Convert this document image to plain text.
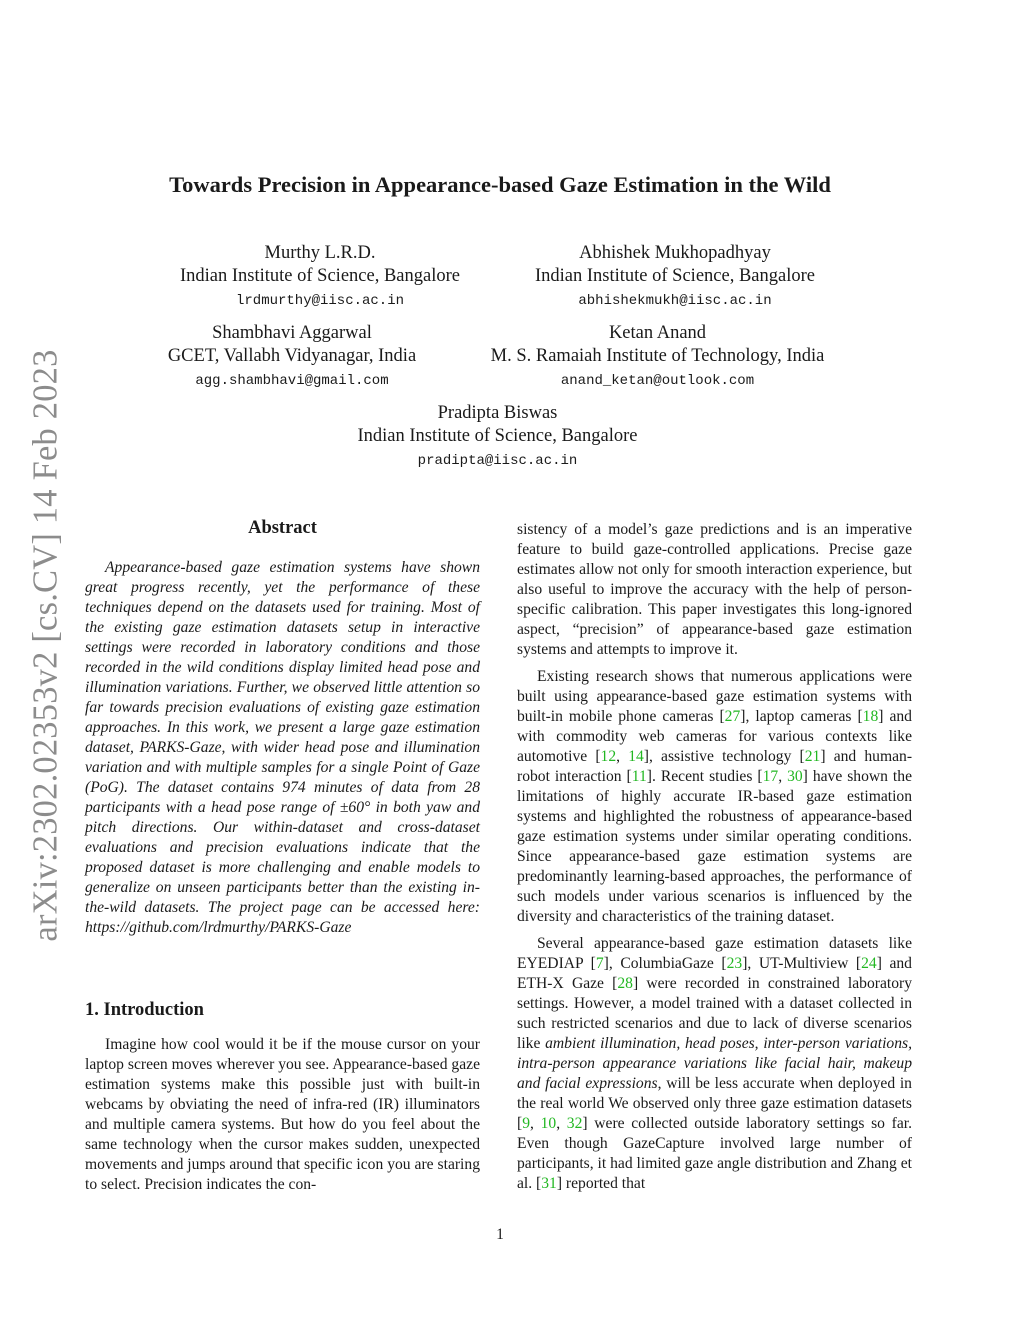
arXiv:2302.02353v2 [cs.CV] 14 Feb 2023
Towards Precision in Appearance-based Gaze Estimation in the Wild
Murthy L.R.D.
Indian Institute of Science, Bangalore
lrdmurthy@iisc.ac.in
Abhishek Mukhopadhyay
Indian Institute of Science, Bangalore
abhishekmukh@iisc.ac.in
Shambhavi Aggarwal
GCET, Vallabh Vidyanagar, India
agg.shambhavi@gmail.com
Ketan Anand
M. S. Ramaiah Institute of Technology, India
anand_ketan@outlook.com
Pradipta Biswas
Indian Institute of Science, Bangalore
pradipta@iisc.ac.in
Abstract

Appearance-based gaze estimation systems have shown great progress recently, yet the performance of these techniques depend on the datasets used for training. Most of the existing gaze estimation datasets setup in interactive settings were recorded in laboratory conditions and those recorded in the wild conditions display limited head pose and illumination variations. Further, we observed little attention so far towards precision evaluations of existing gaze estimation approaches. In this work, we present a large gaze estimation dataset, PARKS-Gaze, with wider head pose and illumination variation and with multiple samples for a single Point of Gaze (PoG). The dataset contains 974 minutes of data from 28 participants with a head pose range of ±60° in both yaw and pitch directions. Our within-dataset and cross-dataset evaluations and precision evaluations indicate that the proposed dataset is more challenging and enable models to generalize on unseen participants better than the existing in-the-wild datasets. The project page can be accessed here: https://github.com/lrdmurthy/PARKS-Gaze

1. Introduction

Imagine how cool would it be if the mouse cursor on your laptop screen moves wherever you see. Appearance-based gaze estimation systems make this possible just with built-in webcams by obviating the need of infra-red (IR) illuminators and multiple camera systems. But how do you feel about the same technology when the cursor makes sudden, unexpected movements and jumps around that specific icon you are staring to select. Precision indicates the con-

sistency of a model’s gaze predictions and is an imperative feature to build gaze-controlled applications. Precise gaze estimates allow not only for smooth interaction experience, but also useful to improve the accuracy with the help of person-specific calibration. This paper investigates this long-ignored aspect, “precision” of appearance-based gaze estimation systems and attempts to improve it.

Existing research shows that numerous applications were built using appearance-based gaze estimation systems with built-in mobile phone cameras [27], laptop cameras [18] and with commodity web cameras for various contexts like automotive [12, 14], assistive technology [21] and human-robot interaction [11]. Recent studies [17, 30] have shown the limitations of highly accurate IR-based gaze estimation systems and highlighted the robustness of appearance-based gaze estimation systems under similar operating conditions. Since appearance-based gaze estimation systems are predominantly learning-based approaches, the performance of such models under various scenarios is influenced by the diversity and characteristics of the training dataset.

Several appearance-based gaze estimation datasets like EYEDIAP [7], ColumbiaGaze [23], UT-Multiview [24] and ETH-X Gaze [28] were recorded in constrained laboratory settings. However, a model trained with a dataset collected in such restricted scenarios and due to lack of diverse scenarios like ambient illumination, head poses, inter-person variations, intra-person appearance variations like facial hair, makeup and facial expressions, will be less accurate when deployed in the real world We observed only three gaze estimation datasets [9, 10, 32] were collected outside laboratory settings so far. Even though GazeCapture involved large number of participants, it had limited gaze angle distribution and Zhang et al. [31] reported that

1
